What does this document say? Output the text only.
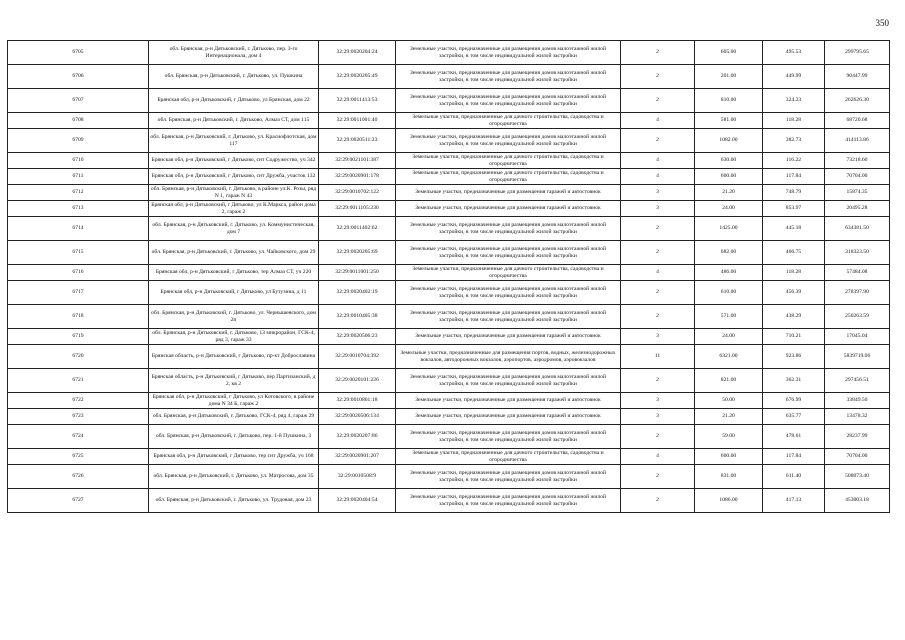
350
6705	обл. Брянская, р-н Дятьковский, г. Дятьково, пер. 3-го Интернационала, дом 4	32:29:0020204:24	Земельные участки, предназначенные для размещения домов малоэтажной жилой застройки, в том числе индивидуальной жилой застройки	2	605.00	495.53	299795.65
6706	обл. Брянская, р-н Дятьковский, г. Дятьково, ул. Пушкина	32:29:0020205:49	Земельные участки, предназначенные для размещения домов малоэтажной жилой застройки, в том числе индивидуальной жилой застройки	2	201.00	449.99	90447.99
6707	Брянская обл, р-н Дятьковский, г Дятьково, ул Брянская, дом 22	32:29:0011413:53	Земельные участки, предназначенные для размещения домов малоэтажной жилой застройки, в том числе индивидуальной жилой застройки	2	810.00	324.23	262626.30
6708	обл. Брянская, р-н Дятьковский, г. Дятьково, Алмаз СТ, дом 115	32:29:0011001:40	Земельные участки, предназначенные для дачного строительства, садоводства и огородничества	4	581.00	118.28	68720.68
6709	обл. Брянская, р-н Дятьковский, г. Дятьково, ул. Краснофлотская, дом 117	32:29:0020511:23	Земельные участки, предназначенные для размещения домов малоэтажной жилой застройки, в том числе индивидуальной жилой застройки	2	1082.00	382.73	414113.86
6710	Брянская обл, р-н Дятьковский, г Дятьково, снт Содружество, уч 342	32:29:0021101:387	Земельные участки, предназначенные для дачного строительства, садоводства и огородничества	4	630.00	116.22	73218.60
6711	Брянская обл, р-н Дятьковский, г Дятьково, снт Дружба, участок 132	32:29:0020901:178	Земельные участки, предназначенные для дачного строительства, садоводства и огородничества	4	600.00	117.84	70704.00
6712	обл. Брянская, р-н Дятьковский, г. Дятьково, в районе ул.К. Розы, ряд N 1, гараж N 43	32:29:0010702:122	Земельные участки, предназначенные для размещения гаражей и автостоянок	3	21.20	748.79	15874.35
6713	Брянская обл, р-н Дятьковский, г Дятьково, ул К.Маркса, район дома 2, гараж 2	32:29:0011105:230	Земельные участки, предназначенные для размещения гаражей и автостоянок	3	24.00	853.97	20495.28
6714	обл. Брянская, р-н Дятьковский, г. Дятьково, ул. Коммунистическая, дом 7	32:29:0011402:62	Земельные участки, предназначенные для размещения домов малоэтажной жилой застройки, в том числе индивидуальной жилой застройки	2	1425.00	445.18	634381.50
6715	обл. Брянская, р-н Дятьковский, г. Дятьково, ул. Чайковского, дом 29	32:29:0020205:69	Земельные участки, предназначенные для размещения домов малоэтажной жилой застройки, в том числе индивидуальной жилой застройки	2	682.00	466.75	318323.50
6716	Брянская обл, р-н Дятьковский, г Дятьково, тер Алмаз СТ, уч 220	32:29:0011001:250	Земельные участки, предназначенные для дачного строительства, садоводства и огородничества	4	486.00	118.28	57484.08
6717	Брянская обл, р-н Дятьковский, г Дятьково, ул Бутузина, д 11	32:29:0020402:19	Земельные участки, предназначенные для размещения домов малоэтажной жилой застройки, в том числе индивидуальной жилой застройки	2	610.00	456.39	278397.90
6718	обл. Брянская, р-н Дятьковский, г. Дятьково, ул. Чернышевского, дом 2п	32:29:0010405:38	Земельные участки, предназначенные для размещения домов малоэтажной жилой застройки, в том числе индивидуальной жилой застройки	2	571.00	438.29	250263.59
6719	обл. Брянская, р-н Дятьковский, г. Дятьково, 13 микрорайон, ГСК-4, ряд 3, гараж 33	32:29:0020506:23	Земельные участки, предназначенные для размещения гаражей и автостоянок	3	24.00	710.21	17045.04
6720	Брянская область, р-н Дятьковский, г Дятьково, пр-кт Доброславина	32:29:0010704:392	Земельные участки, предназначенные для размещения портов, водных, железнодорожных вокзалов, автодорожных вокзалов, аэропортов, аэродромов, аэровокзалов	11	6321.00	923.86	5839719.06
6721	Брянская область, р-н Дятьковский, г Дятьково, пер Партизанский, д 2, кв 2	32:29:0020101:226	Земельные участки, предназначенные для размещения домов малоэтажной жилой застройки, в том числе индивидуальной жилой застройки	2	821.00	362.31	297456.51
6722	Брянская обл, р-н Дятьковский, г Дятьково, ул Котовского, в районе дома N 34 Б, гараж 2	32:29:0010801:18	Земельные участки, предназначенные для размещения гаражей и автостоянок	3	50.00	676.99	33849.50
6723	обл. Брянская, р-н Дятьковский, г. Дятьково, ГСК-4, ряд 4, гараж 29	32:29:0020506:134	Земельные участки, предназначенные для размещения гаражей и автостоянок	3	21.20	635.77	13478.32
6724	обл. Брянская, р-н Дятьковский, г. Дятьково, пер. 1-й Пушкина, 3	32:29:0020207:86	Земельные участки, предназначенные для размещения домов малоэтажной жилой застройки, в том числе индивидуальной жилой застройки	2	59.00	478.61	28237.99
6725	Брянская обл, р-н Дятьковский, г Дятьково, тер снт Дружба, уч 168	32:29:0020901:207	Земельные участки, предназначенные для дачного строительства, садоводства и огородничества	4	600.00	117.84	70704.00
6726	обл. Брянская, р-н Дятьковский, г. Дятьково, ул. Матросова, дом 35	32:29:0010508:9	Земельные участки, предназначенные для размещения домов малоэтажной жилой застройки, в том числе индивидуальной жилой застройки	2	831.00	611.40	508073.40
6727	обл. Брянская, р-н Дятьковский, г. Дятьково, ул. Трудовая, дом 23	32:29:0020404:54	Земельные участки, предназначенные для размещения домов малоэтажной жилой застройки, в том числе индивидуальной жилой застройки	2	1086.00	417.13	453003.18
